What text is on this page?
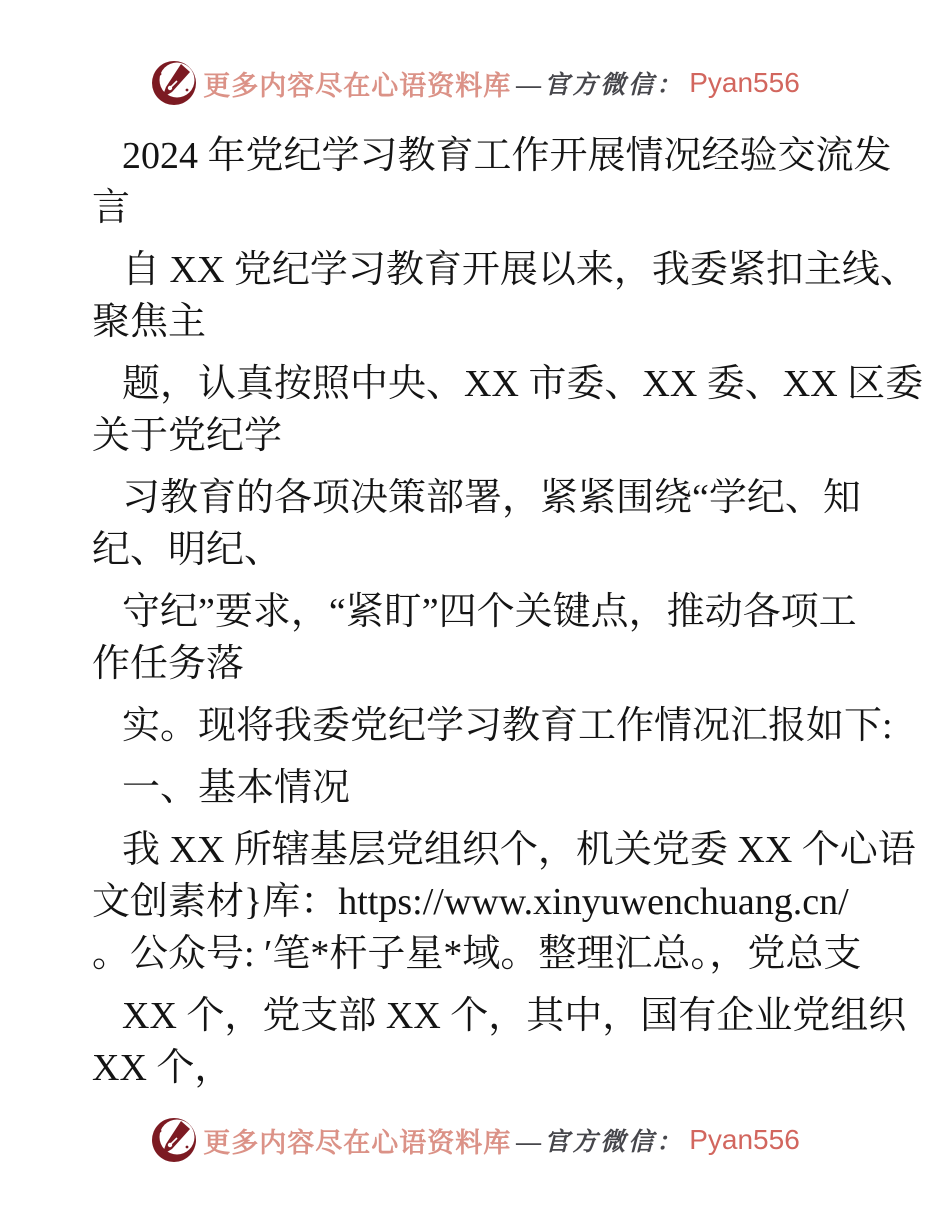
更多内容尽在心语资料库 —官方微信： Pyan556
2024 年党纪学习教育工作开展情况经验交流发
言
自 XX 党纪学习教育开展以来，我委紧扣主线、
聚焦主
题，认真按照中央、XX 市委、XX 委、XX 区委
关于党纪学
习教育的各项决策部署，紧紧围绕“学纪、知
纪、明纪、
守纪”要求，“紧盯”四个关键点，推动各项工
作任务落
实。现将我委党纪学习教育工作情况汇报如下:
一、基本情况
我 XX 所辖基层党组织个，机关党委 XX 个心语
文创素材}库：https://www.xinyuwenchuang.cn/
。公众号: ′笔*杆子星*域。整理汇总。，党总支
XX 个，党支部 XX 个，其中，国有企业党组织
XX 个，
更多内容尽在心语资料库 —官方微信： Pyan556
